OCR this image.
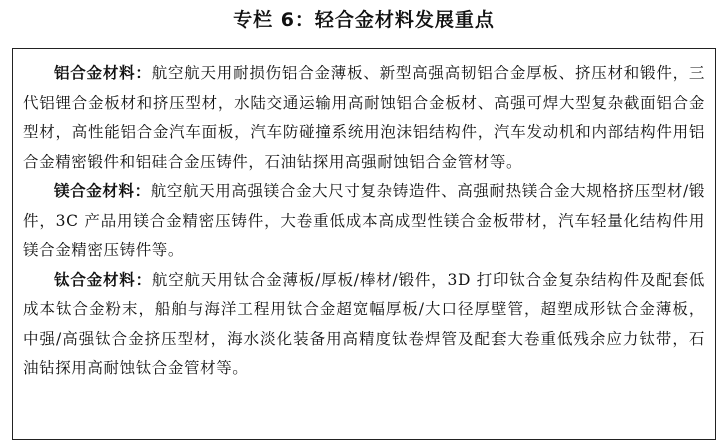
专栏 6：轻合金材料发展重点

铝合金材料：航空航天用耐损伤铝合金薄板、新型高强高韧铝合金厚板、挤压材和锻件，三代铝锂合金板材和挤压型材，水陆交通运输用高耐蚀铝合金板材、高强可焊大型复杂截面铝合金型材，高性能铝合金汽车面板，汽车防碰撞系统用泡沫铝结构件，汽车发动机和内部结构件用铝合金精密锻件和铝硅合金压铸件，石油钻探用高强耐蚀铝合金管材等。

镁合金材料：航空航天用高强镁合金大尺寸复杂铸造件、高强耐热镁合金大规格挤压型材/锻件，3C 产品用镁合金精密压铸件，大卷重低成本高成型性镁合金板带材，汽车轻量化结构件用镁合金精密压铸件等。

钛合金材料：航空航天用钛合金薄板/厚板/棒材/锻件，3D 打印钛合金复杂结构件及配套低成本钛合金粉末，船舶与海洋工程用钛合金超宽幅厚板/大口径厚壁管，超塑成形钛合金薄板，中强/高强钛合金挤压型材，海水淡化装备用高精度钛卷焊管及配套大卷重低残余应力钛带，石油钻探用高耐蚀钛合金管材等。
